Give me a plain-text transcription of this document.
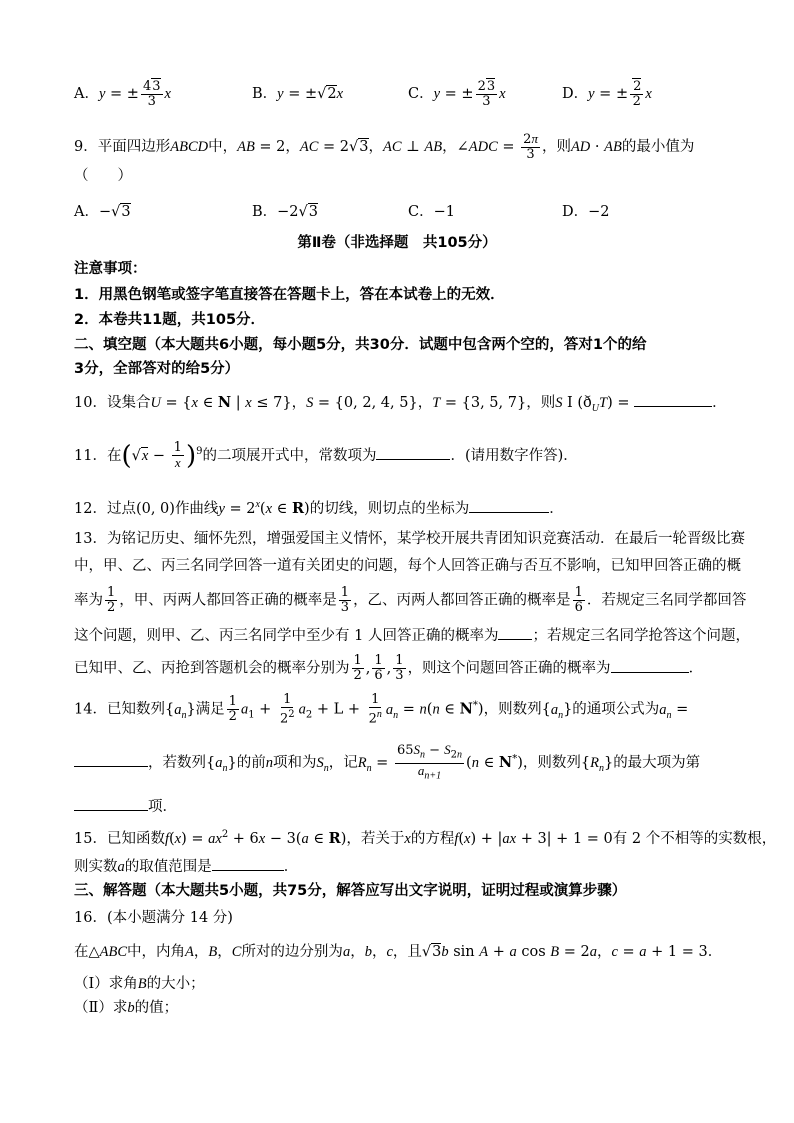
A．y = ± $\frac{43}{3}$ x	B．y = ±√2x	C．y = ± $\frac{23}{3}$ x	D．y = ± $\frac{2}{2}$ x
9．平面四边形ABCD中，AB = 2，AC = 2√3，AC ⊥ AB，∠ADC = $\frac{2\pi}{3}$ ，则AD · AB的最小值为
（　　）
A．−√3	B．−2√3	C．−1	D．−2
第Ⅱ卷（非选择题　共105分）
注意事项：
1．用黑色钢笔或签字笔直接答在答题卡上，答在本试卷上的无效．
2．本卷共11题，共105分．
二、填空题（本大题共6小题，每小题5分，共30分．试题中包含两个空的，答对1个的给
3分，全部答对的给5分）
10．设集合U = {x ∈ N | x ≤ 7}，S = {0, 2, 4, 5}，T = {3, 5, 7}，则S I $(ð_UT)$ =	．
11．在$(√x - \frac{1}{x} )^9$的二项展开式中，常数项为	．(请用数字作答)．
12．过点(0, 0)作曲线$y = 2^x(x$ ∈ R)的切线，则切点的坐标为	．
13．为铭记历史、缅怀先烈，增强爱国主义情怀，某学校开展共青团知识竞赛活动．在最后一轮晋级比赛
中，甲、乙、丙三名同学回答一道有关团史的问题，每个人回答正确与否互不影响，已知甲回答正确的概
率为 $\frac{1}{2}$ ，甲、丙两人都回答正确的概率是 $\frac{1}{3}$ ，乙、丙两人都回答正确的概率是 $\frac{1}{6}$ ．若规定三名同学都回答
这个问题，则甲、乙、丙三名同学中至少有 1 人回答正确的概率为 ；若规定三名同学抢答这个问题，
已知甲、乙、丙抢到答题机会的概率分别为 $\frac{1}{2}$ , $\frac{1}{6}$ , $\frac{1}{3}$ ，则这个问题回答正确的概率为	．
14．已知数列$\{a_n\}$满足 $\frac{1}{2} a_1 + \frac{1}{2^2} a_2 + L + \frac{1}{2^n} a_n = n(n$ ∈ N*)，则数列$\{a_n\}$的通项公式为$a_n$ =
，若数列$\{a_n\}$的前n项和为$S_n$，记$R_n = \frac{65S_n - S_{2n}}{a_{n+1}} (n$ ∈ N*)，则数列$\{R_n\}$的最大项为第
项．
15．已知函数$f(x) = ax^2 + 6x - 3(a$ ∈ R)，若关于x的方程f(x) + |ax + 3| + 1 = 0有 2 个不相等的实数根，
则实数a的取值范围是	．
三、解答题（本大题共5小题，共75分，解答应写出文字说明，证明过程或演算步骤）
16．(本小题满分 14 分)
在△ABC中，内角A，B，C所对的边分别为a，b，c，且√3b sin A + a cos B = 2a，c = a + 1 = 3．
（Ⅰ）求角B的大小；
（Ⅱ）求b的值；
